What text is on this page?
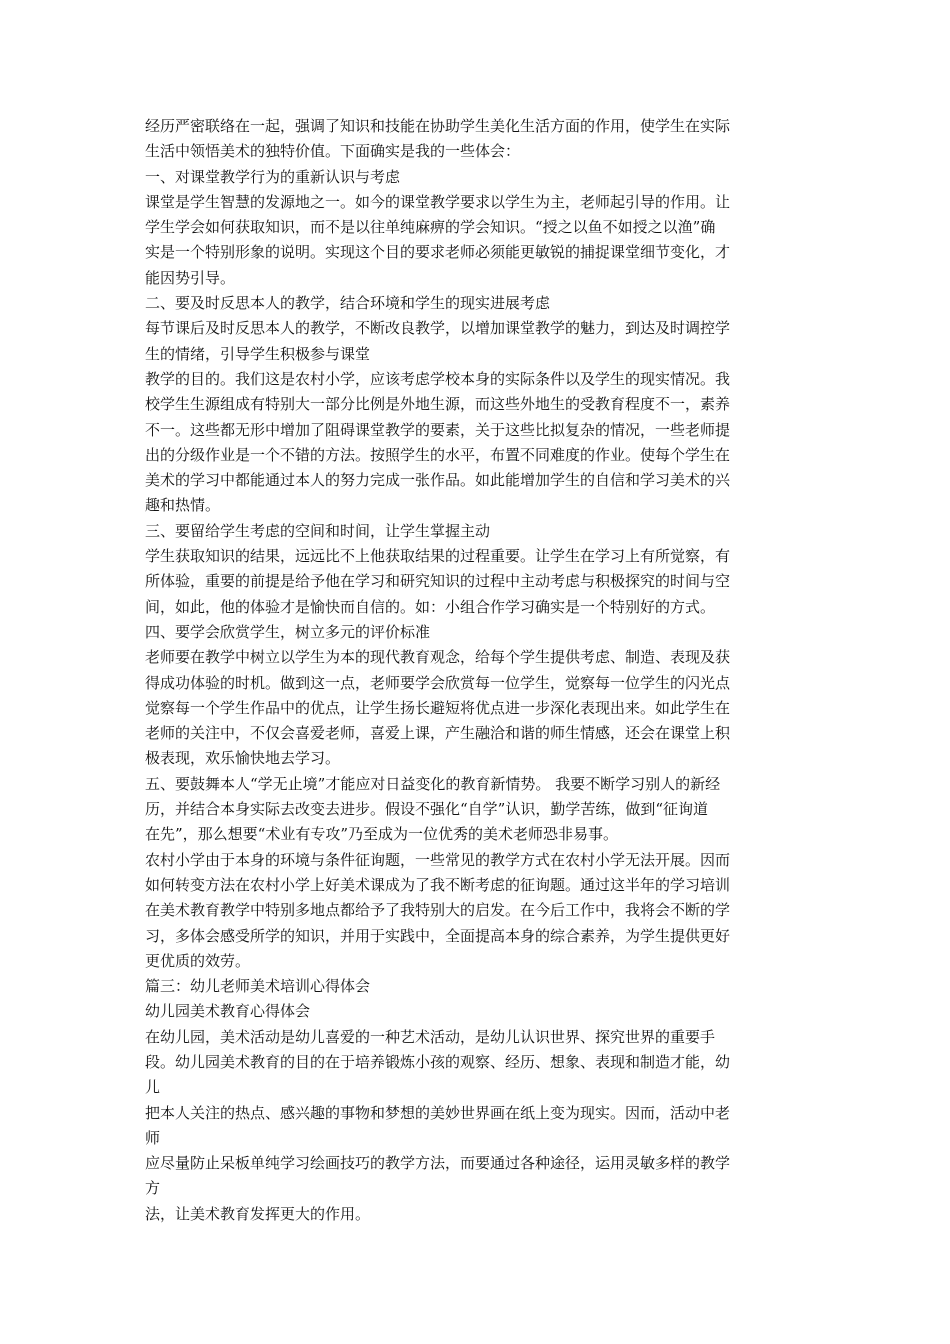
经历严密联络在一起，强调了知识和技能在协助学生美化生活方面的作用，使学生在实际
生活中领悟美术的独特价值。下面确实是我的一些体会：
一、对课堂教学行为的重新认识与考虑
课堂是学生智慧的发源地之一。如今的课堂教学要求以学生为主，老师起引导的作用。让
学生学会如何获取知识，而不是以往单纯麻痹的学会知识。“授之以鱼不如授之以渔”确
实是一个特别形象的说明。实现这个目的要求老师必须能更敏锐的捕捉课堂细节变化，才
能因势引导。
二、要及时反思本人的教学，结合环境和学生的现实进展考虑
每节课后及时反思本人的教学，不断改良教学，以增加课堂教学的魅力，到达及时调控学
生的情绪，引导学生积极参与课堂
教学的目的。我们这是农村小学，应该考虑学校本身的实际条件以及学生的现实情况。我
校学生生源组成有特别大一部分比例是外地生源，而这些外地生的受教育程度不一，素养
不一。这些都无形中增加了阻碍课堂教学的要素，关于这些比拟复杂的情况，一些老师提
出的分级作业是一个不错的方法。按照学生的水平，布置不同难度的作业。使每个学生在
美术的学习中都能通过本人的努力完成一张作品。如此能增加学生的自信和学习美术的兴
趣和热情。
三、要留给学生考虑的空间和时间，让学生掌握主动
学生获取知识的结果，远远比不上他获取结果的过程重要。让学生在学习上有所觉察，有
所体验，重要的前提是给予他在学习和研究知识的过程中主动考虑与积极探究的时间与空
间，如此，他的体验才是愉快而自信的。如：小组合作学习确实是一个特别好的方式。
四、要学会欣赏学生，树立多元的评价标准
老师要在教学中树立以学生为本的现代教育观念，给每个学生提供考虑、制造、表现及获
得成功体验的时机。做到这一点，老师要学会欣赏每一位学生，觉察每一位学生的闪光点
觉察每一个学生作品中的优点，让学生扬长避短将优点进一步深化表现出来。如此学生在
老师的关注中，不仅会喜爱老师，喜爱上课，产生融洽和谐的师生情感，还会在课堂上积
极表现，欢乐愉快地去学习。
五、要鼓舞本人“学无止境”才能应对日益变化的教育新情势。 我要不断学习别人的新经
历，并结合本身实际去改变去进步。假设不强化“自学”认识，勤学苦练，做到“征询道
在先”，那么想要“术业有专攻”乃至成为一位优秀的美术老师恐非易事。
农村小学由于本身的环境与条件征询题，一些常见的教学方式在农村小学无法开展。因而
如何转变方法在农村小学上好美术课成为了我不断考虑的征询题。通过这半年的学习培训
在美术教育教学中特别多地点都给予了我特别大的启发。在今后工作中，我将会不断的学
习，多体会感受所学的知识，并用于实践中，全面提高本身的综合素养，为学生提供更好
更优质的效劳。
篇三：幼儿老师美术培训心得体会
幼儿园美术教育心得体会
在幼儿园，美术活动是幼儿喜爱的一种艺术活动，是幼儿认识世界、探究世界的重要手
段。幼儿园美术教育的目的在于培养锻炼小孩的观察、经历、想象、表现和制造才能，幼
儿
把本人关注的热点、感兴趣的事物和梦想的美妙世界画在纸上变为现实。因而，活动中老
师
应尽量防止呆板单纯学习绘画技巧的教学方法，而要通过各种途径，运用灵敏多样的教学
方
法，让美术教育发挥更大的作用。
